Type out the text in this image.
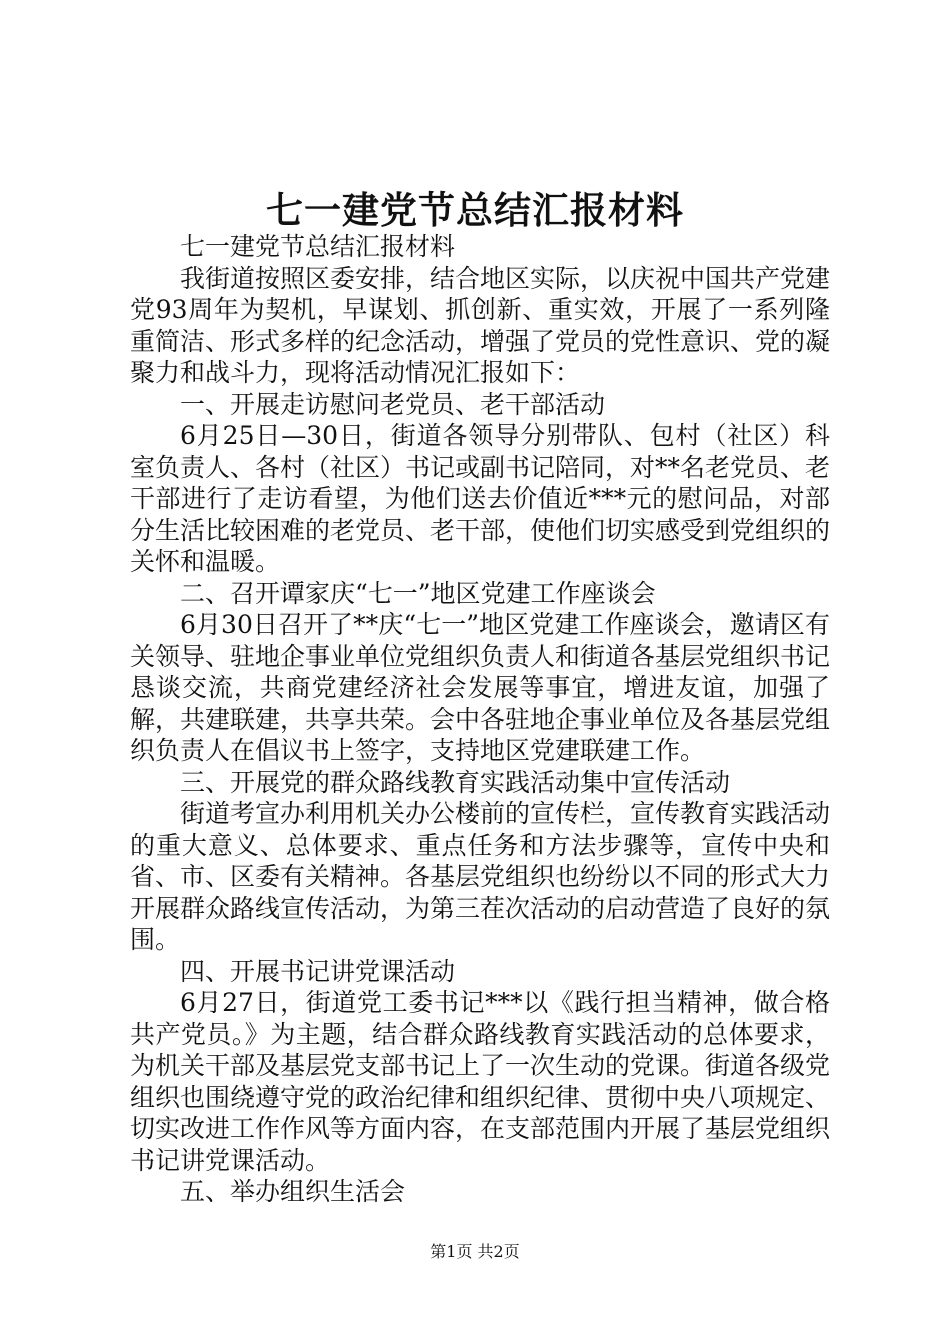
七一建党节总结汇报材料

七一建党节总结汇报材料

我街道按照区委安排，结合地区实际，以庆祝中国共产党建党93周年为契机，早谋划、抓创新、重实效，开展了一系列隆重简洁、形式多样的纪念活动，增强了党员的党性意识、党的凝聚力和战斗力，现将活动情况汇报如下：

一、开展走访慰问老党员、老干部活动

6月25日—30日，街道各领导分别带队、包村（社区）科室负责人、各村（社区）书记或副书记陪同，对**名老党员、老干部进行了走访看望，为他们送去价值近***元的慰问品，对部分生活比较困难的老党员、老干部，使他们切实感受到党组织的关怀和温暖。

二、召开谭家庆“七一”地区党建工作座谈会

6月30日召开了**庆“七一”地区党建工作座谈会，邀请区有关领导、驻地企事业单位党组织负责人和街道各基层党组织书记恳谈交流，共商党建经济社会发展等事宜，增进友谊，加强了解，共建联建，共享共荣。会中各驻地企事业单位及各基层党组织负责人在倡议书上签字，支持地区党建联建工作。

三、开展党的群众路线教育实践活动集中宣传活动

街道考宣办利用机关办公楼前的宣传栏，宣传教育实践活动的重大意义、总体要求、重点任务和方法步骤等，宣传中央和省、市、区委有关精神。各基层党组织也纷纷以不同的形式大力开展群众路线宣传活动，为第三茬次活动的启动营造了良好的氛围。

四、开展书记讲党课活动

6月27日，街道党工委书记***以《践行担当精神，做合格共产党员。》为主题，结合群众路线教育实践活动的总体要求，为机关干部及基层党支部书记上了一次生动的党课。街道各级党组织也围绕遵守党的政治纪律和组织纪律、贯彻中央八项规定、切实改进工作作风等方面内容，在支部范围内开展了基层党组织书记讲党课活动。

五、举办组织生活会

第1页 共2页
